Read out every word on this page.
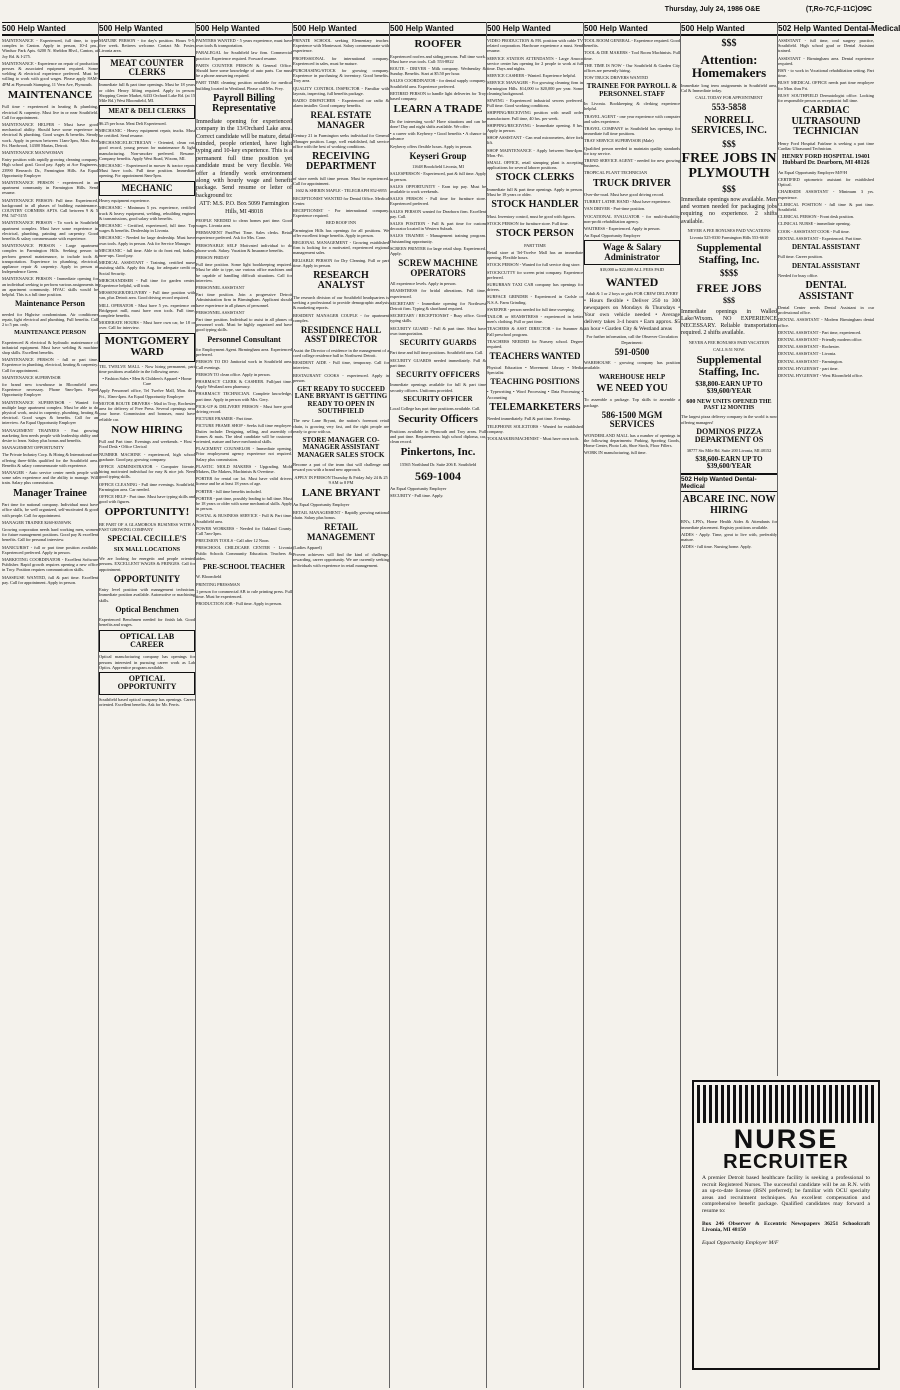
Thursday, July 24, 1986 O&E	(T,Ro-7C,F-11C)O9C
500 Help Wanted
MAINTENANCE - Experienced, full time, to type complex in Canton. Apply in person, 10-4 pm., Windsor Park Apts. 6200 N. Sheldon Blvd., Canton, at Joy Rd. & I-275.
MAINTENANCE - Experience on repair of production presses & associated equipment required. Some welding & electrical experience preferred. Must be willing to work with good wages. Please apply 8AM-4PM at Plymouth Stamping, 11 Vern Ave, Plymouth.
MAINTENANCE
Full time - experienced in heating & plumbing, electrical & carpentry. Must live in or near Southfield. Call for appointment.
MAINTENANCE HELPER - Must have good mechanical ability. Should have some experience in electrical & plumbing. Good wages & benefits. Steady work. Apply in person between 11am-3pm, Mon. thru Fri. Hardwood, 14300 Marias, Detroit.
MAINTENANCE MAN/WOMAN
Entry position with rapidly growing cleaning company. High school grad. Good pay. Apply at Ace Engineers, 23990 Research Dr., Farmington Hills. An Equal Opportunity Employer
MAINTENANCE PERSON - experienced in an apartment community in Farmington Hills. Send resume.
MAINTENANCE PERSON: Full time. Experienced, background in all phases of building maintenance. COUNTRY CORNERS APTS. Call between 9 & 5 PM. 547-5155
MAINTENANCE PERSON - To work in Southfield apartment complex. Must have some experience in electrical, plumbing, painting and carpentry. Good benefits & salary commensurate with experience.
MAINTENANCE PERSON - Large apartment complex in Farmington Hills. Seeking person to perform general maintenance, to include tools & transportation. Experience in plumbing, electrical, appliance repair & carpentry. Apply in person at Independence Green.
MAINTENANCE PERSON - Immediate opening for an individual seeking to perform various assignments in an apartment community. HVAC skills would be helpful. This is a full time position.
Maintenance Person
needed for Highrise condominium. Air conditioner repair, light electrical and plumbing. Full benefits. Call 2 to 5 pm. only.
MAINTENANCE PERSON
Experienced & electrical & hydraulic maintenance of industrial equipment. Must have welding & machine shop skills. Excellent benefits.
MAINTENANCE PERSON - full or part time. Experience in plumbing, electrical, heating & carpentry. Call for appointment.
MAINTENANCE SUPERVISOR
for brand new townhouse in Bloomfield area. Experience necessary. Phone 9am-5pm. Equal Opportunity Employer
MAINTENANCE SUPERVISOR - Wanted for multiple large apartment complex. Must be able to do physical work, assist in carpentry, plumbing, heating & electrical. Good wages & benefits. Call for an interview. An Equal Opportunity Employer
MANAGEMENT TRAINEES - Fast growing marketing firm needs people with leadership ability and desire to learn. Salary plus bonus and benefits.
MANAGEMENT OPPORTUNITY
The Private Industry Corp. & Hiring & International are offering three-fifths qualified for the Southfield area. Benefits & salary commensurate with experience.
MANAGER - Auto service center needs people with some sales experience and the ability to manage. Will train. Salary plus commission.
Manager Trainee
Part time for national company. Individual must have office skills, be well organized, self-motivated & good with people. Call for appointment.
MANAGER TRAINEE $260-$350/WK
Growing corporation needs hard working men, women for future management positions. Good pay & excellent benefits. Call for personal interview.
MANICURIST - full or part time position available. Experienced preferred. Apply in person.
MARKETING COORDINATOR - Excellent Software Publisher. Rapid growth requires opening a new office in Troy. Position requires communication skills.
MASSEUSE WANTED, full & part time. Excellent pay. Call for appointment. Apply in person.
500 Help Wanted
MATURE PERSON - for day's position. Hours 9-5, five week. Retirees welcome. Contact Mr. Foster, Livonia area.
MEAT COUNTER CLERKS
Immediate full & part time openings. Must be 18 years or older. Heavy lifting required. Apply in person: Shopping Center Market, 6433 Orchard Lake Rd. (at 15 Mile Rd.) West Bloomfield, MI.
MEAT & DELI CLERKS
$6.25 per hour. Meat Deli Experienced.
MECHANIC - Heavy equipment repair, trucks. Must be certified. Send resume.
MECHANIC/ELECTRICIAN - Oriented, clean cut, good record, young person for maintenance & light manufacturing. Non-smoker preferred. Resume. Company benefits. Apply West Road, Wixom, MI.
MECHANIC - Experienced in mower & tractor repair. Must have tools. Full time position. Immediate opening. For appointment 8am-5pm.
MECHANIC
Heavy equipment experience.
MECHANIC - Minimum 5 yrs. experience, certified truck & heavy equipment, welding, rebuilding engines & transmissions, good salary with benefits.
MECHANIC - Certified, experienced, full time. Top wages & benefits. Dealership in Livonia.
MECHANIC - Needed for large dealership. Must have own tools. Apply in person. Ask for Service Manager.
MECHANIC - full time. Able to do front end, brakes, tune-ups. Good pay.
MEDICAL ASSISTANT - Training, certified nurse assisting skills. Apply this Aug. for adequate credit or Social Security.
MERCHANDISER - Full time for garden center. Experience helpful, will train.
MESSENGER/DELIVERY - Full time position with van, plus Detroit area. Good driving record required.
MILL OPERATOR - Must have 5 yrs. experience on Bridgeport mill, must have own tools. Full time, complete benefits.
MODERATE HOURS - Must have own car, be 18 or over. Call for interview.
MONTGOMERY WARD
TEL TWELVE MALL - Now hiring permanent, part time positions available in the following areas:
• Fashion Sales • Men & Children's Apparel • Home Care
Apply Personnel office, Tel Twelve Mall, Mon. thru Fri., 10am-4pm. An Equal Opportunity Employer
MOTOR ROUTE DRIVERS - Mail in Troy, Rochester area for delivery of Free Press. Several openings near your home. Commission and bonuses, must have reliable car.
NOW HIRING
Full and Part time. Evenings and weekends. • Host • Food Desk • Office Clerical
NUMBER MACHINE - experienced, high school graduate. Good pay, growing company.
OFFICE ADMINISTRATOR - Computer literate, hiring motivated individual for easy & nice job. Need good typing skills.
OFFICE CLEANING - Full time evenings. Southfield, Farmington area. Car needed.
OFFICE HELP - Part time. Must have typing skills and good with figures.
OPPORTUNITY!
BE PART OF A GLAMOROUS BUSINESS WITH A FAST GROWING COMPANY
SPECIAL CECILLE'S
SIX MALL LOCATIONS
We are looking for energetic and people oriented persons. EXCELLENT WAGES & FRINGES. Call for appointment.
OPPORTUNITY
Entry level position with management technician. Immediate position available. Automotive or machining skills.
Optical Benchmen
Experienced Benchmen needed for finish lab. Good benefits and wages.
OPTICAL LAB CAREER
Optical manufacturing company has openings for persons interested in pursuing career work as Lab Optics. Apprentice program available.
OPTICAL OPPORTUNITY
Southfield based optical company has openings. Career oriented. Excellent benefits. Ask for Mr. Ferris.
500 Help Wanted
PAINTERS WANTED - 5 years experience, must have own tools & transportation.
PARALEGAL for Southfield law firm. Commercial practice. Experience required. Forward resume.
PARTS COUNTER PERSON & General Office. Should have some knowledge of auto parts. Car must be a phone answering required.
PART TIME cleaning position available for medical building located in Westland. Please call Mrs. Frey.
Payroll Billing Representative
Immediate opening for experienced company in the 13/Orchard Lake area. Correct candidate will be mature, detail minded, people oriented, have light typing and 10-key experience. This is a permanent full time position yet candidate must be very flexible. We offer a friendly work environment along with hourly wage and benefit package. Send resume or letter of background to:
ATT: M.S. P.O. Box 5099 Farmington Hills, MI 48018
PEOPLE NEEDED to clean homes part time. Good wages. Livonia area.
PERMANENT Part/Part Time. Sales clerks. Retail experience preferred. Ask for Mrs. Cone.
PERSONABLE SELF Motivated individual to do phone work. Salary. Vacation & Insurance benefits.
PERSON FRIDAY
Full time position. Some light bookkeeping required. Must be able to type, use various office machines and be capable of handling difficult situations. Call for interview.
PERSONNEL ASSISTANT
Part time position. Join a progressive Detroit Administration firm in Birmingham. Applicant should have experience in all phases of personnel.
PERSONNEL ASSISTANT
Part time position. Individual to assist in all phases of personnel work. Must be highly organized and have good typing skills.
Personnel Consultant
for Employment Agent. Birmingham area. Experienced preferred.
PERSON TO DO Janitorial work in Southfield area. Call evenings.
PERSON TO clean office. Apply in person.
PHARMACY CLERK & CASHIER. Full/part time. Apply Westland area pharmacy.
PHARMACY TECHNICIAN. Complete knowledge, part time. Apply in person with Mrs. Gery.
PICK-UP & DELIVERY PERSON - Must have good driving record.
PICTURE FRAMER - Part time.
PICTURE FRAME SHOP - Seeks full time employee. Duties include: Designing, selling, and assembly of frames & mats. The ideal candidate will be customer oriented, mature and have mechanical skills.
PLACEMENT COUNSELOR - Immediate opening. Prior employment agency experience not required. Salary plus commission.
PLASTIC MOLD MAKERS - Upgrading. Mold Makers, Die Makers, Machinists & Overtime.
PORTER for rental car lot. Must have valid drivers license and be at least 18 years of age.
PORTER - full time benefits included.
PORTER - part time, possibly leading to full time. Must be 18 years or older with some mechanical skills. Apply in person.
POSTAL & BUSINESS SERVICE - Full & Part time. Southfield area.
POWER WORKERS - Needed for Oakland County. Call 7am-3pm.
PRECISION TOOLS - Call after 12 Noon.
PRESCHOOL CHILDCARE CENTER - Livonia Public Schools Community Education. Teachers & aides.
PRE-SCHOOL TEACHER
W. Bloomfield
PRINTING PRESSMAN
1 person for commercial AB to rule printing press. Full time. Must be experienced.
PRODUCTION JOB - Full time. Apply in person.
500 Help Wanted
PRIVATE SCHOOL seeking Elementary teacher. Experience with Montessori. Salary commensurate with experience.
PROFESSIONAL for international company. Experienced in sales, must be mature.
PURCHASING/STOCK for growing company. Experience in purchasing & inventory. Good benefits. Troy area.
QUALITY CONTROL INSPECTOR - Familiar with layouts, inspecting, full benefits package.
RADIO DISPATCHER - Experienced car radio & alarm installer. Good company benefits.
REAL ESTATE MANAGER
Century 21 in Farmington seeks individual for General Manager position. Large, well established, full service office with the best of working conditions.
RECEIVING DEPARTMENT
of store needs full time person. Must be experienced. Call for appointment.
1602 & SHERIN MAPLE - TELEGRAPH 852-6955
RECEPTIONIST WANTED for Dental Office. Medical Center.
RECEPTIONIST - For international company. Experience required.
RED ROOF INN
Farmington Hills has openings for all positions. We offer excellent fringe benefits. Apply in person.
REGIONAL MANAGEMENT - Growing established firm is looking for a motivated, experienced regional management sales.
RELIABLE PERSON for Dry Cleaning. Full or part time. Apply in person.
RESEARCH ANALYST
The research division of our Southfield headquarters is seeking a professional to provide demographic analysis & marketing reports.
RESIDENT MANAGER COUPLE - for apartment complex.
RESIDENCE HALL ASST DIRECTOR
Assist the Director of residence in the management of a coed college residence hall in Northwest Detroit.
RESIDENT AIDE - Full time, temporary. Call for interview.
RESTAURANT COOKS - experienced. Apply in person.
GET READY TO SUCCEED LANE BRYANT IS GETTING READY TO OPEN IN SOUTHFIELD
The new Lane Bryant, the nation's foremost retail chain, is growing very fast, and the right people are ready to grow with us.
STORE MANAGER CO-MANAGER ASSISTANT MANAGER SALES STOCK
Become a part of the team that will challenge and reward you with a brand new approach.
APPLY IN PERSON Thursday & Friday July 24 & 25 9 AM to 8 PM
LANE BRYANT
An Equal Opportunity Employer
RETAIL MANAGEMENT - Rapidly growing national chain. Salary plus bonus.
RETAIL MANAGEMENT
(Ladies Apparel)
Proven achievers will find the kind of challenge, rewarding, career opportunity. We are currently seeking individuals with experience in retail management.
500 Help Wanted
ROOFER
Experienced roofers and siding persons. Full time work. Must have own tools. Call: 553-8822
ROUTE - DRIVER - Milk company. Wednesday & Sunday. Benefits. Start at $5.50 per hour.
SALES COORDINATOR - for dental supply company. Southfield area. Experience preferred.
RETIRED PERSON to handle light deliveries for Troy based company.
LEARN A TRADE
Do the interesting work? Have situations and can be done! Day and night shifts available. We offer:
• a career with Keyberry • Good benefits • A chance to advance
Keyberry offers flexible hours. Apply in person.
Keyseri Group
11648 Brookfield Livonia, MI
SALESPERSON - Experienced, part & full time. Apply in person.
SALES OPPORTUNITY - Earn top pay. Must be available to work weekends.
SALES PERSON - Full time for furniture store. Experienced preferred.
SALES PERSON wanted for Dearborn firm. Excellent pay. Call.
SALES POSITION - Full & part time for custom decorator located in Western Suburb.
SALES TRAINEE - Management training program. Outstanding opportunity.
SCREEN PRINTER for large retail shop. Experienced. Apply.
SCREW MACHINE OPERATORS
All experience levels. Apply in person.
SEAMSTRESS for bridal alterations. Full time, experienced.
SECRETARY - Immediate opening for Northwest Detroit firm. Typing & shorthand required.
SECRETARY / RECEPTIONIST - Busy office. Good typing skills.
SECURITY GUARD - Full & part time. Must have own transportation.
SECURITY GUARDS
Part time and full time positions. Southfield area. Call.
SECURITY GUARDS needed immediately. Full & part time.
SECURITY OFFICERS
Immediate openings available for full & part time security officers. Uniforms provided.
SECURITY OFFICER
Local College has part time positions available. Call.
Security Officers
Positions available in Plymouth and Troy areas. Full and part time. Requirements: high school diploma, car, clean record.
Pinkertons, Inc.
15565 Northland Dr. Suite 206 E. Southfield
569-1004
An Equal Opportunity Employer
SECURITY - Full time. Apply.
500 Help Wanted
VIDEO PRODUCTION & P.R. position with cable TV related corporation. Hardware experience a must. Send resume.
SERVICE STATION ATTENDANTS - Large Amoco service center has opening for 2 people to work at full time. Days and nights.
SERVICE CASHIER - Wanted. Experience helpful.
SERVICE MANAGER - For growing cleaning firm in Farmington Hills. $14,000 to $20,000 per year. Some cleaning background.
SEWING - Experienced industrial sewers preferred. Full time. Good working conditions.
SHIPPING/RECEIVING position with small order manufacturer. Full time, 40 hrs. per week.
SHIPPING/RECEIVING - Immediate opening. 8 hrs. Apply in person.
SHOP ASSISTANT - Can read micrometers, drive fork lift.
SHOP MAINTENANCE - Apply between 9am-4pm. Mon.-Fri.
SMALL OFFICE, retail stamping plant is accepting applications for several laborer positions.
STOCK CLERKS
Immediate full & part time openings. Apply in person. Must be 18 years or older.
STOCK HANDLER
Must. Inventory control, must be good with figures.
STOCK PERSON for furniture store. Full time.
STOCK PERSON
PART TIME
Retail store at Tel-Twelve Mall has an immediate opening. Flexible hours.
STOCK PERSON - Wanted for full service drug store.
STOCKCUTTY for screen print company. Experience preferred.
SUBURBAN TAXI CAB company has openings for drivers.
SURFACE GRINDER - Experienced in Carlsle or N.S.A. Farm Grinding.
SWEEPER - person needed for full time sweeping.
TAILOR or SEAMSTRESS - experienced in better men's clothing. Full or part time.
TEACHERS & ASST DIRECTOR - for Summer & Fall preschool program.
TEACHERS NEEDED for Nursery school. Degree required.
TEACHERS WANTED
Physical Education • Movement Library • Media Specialist
TEACHING POSITIONS
• Typewriting • Word Processing • Data Processing • Accounting
TELEMARKETERS
Needed immediately. Full & part time. Evenings.
TELEPHONE SOLICITORS - Wanted for established company.
TOOLMAKER/MACHINIST - Must have own tools.
500 Help Wanted
TOOL ROOM GENERAL - Experience required. Good benefits.
TOOL & DIE MAKERS - Tool Room Machinists. Full time.
THE TIME IS NOW - Our Southfield & Garden City offices are presently hiring.
TOW TRUCK DRIVERS WANTED
TRAINEE FOR PAYROLL & PERSONNEL STAFF
In Livonia. Bookkeeping & clerking experience helpful.
TRAVEL AGENT - one year experience with computer and sales experience.
TRAVEL COMPANY in Southfield has openings for immediate full time positions.
TRAY SERVICE SUPERVISOR (Male)
Qualified person needed to maintain quality standards for tray service.
TREND SERVICE AGENT - needed for new growing business.
TROPICAL PLANT TECHNICIAN
TRUCK DRIVER
Over-the-road. Must have good driving record.
TURRET LATHE HAND - Must have experience.
VAN DRIVER - Part-time position.
VOCATIONAL EVALUATOR - for multi-disability non-profit rehabilitation agency.
WAITRESS - Experienced. Apply in person.
An Equal Opportunity Employer
Wage & Salary Administrator
$18,000 to $22,000 ALL FEES PAID
WANTED
Adult & 1 or 2 boys or girls FOR CREW DELIVERY
• Hours flexible • Deliver 250 to 300 newspapers on Mondays & Thursdays • Your own vehicle needed • Average delivery takes 3-4 hours • Earn approx. $5 an hour • Garden City & Westland areas
For further information, call the Observer Circulation Department:
591-0500
WAREHOUSE - growing company has position available.
WAREHOUSE HELP
WE NEED YOU
To assemble a package. Top skills to assemble a package.
586-1500 MGM SERVICES
WONDERLAND MALL has a number of openings in the following departments: Parking, Sporting Goods, Home Center, Photo Lab, Shoe Stock, Floor Fillers.
WORK IN manufacturing, full time.
500 Help Wanted
$$$
Attention: Homemakers
Immediate long term assignments in Southfield area, Cal & Immediate today.
CALL TODAY FOR APPOINTMENT
553-5858
NORRELL SERVICES, INC.
$$$
FREE JOBS IN PLYMOUTH
$$$
Immediate openings now available. Men and women needed for packaging jobs requiring no experience. 2 shifts available.
NEVER A FEE BONUSES PAID VACATIONS
Livonia 525-0330 Farmington Hills 553-6610
Supplemental Staffing, Inc.
$$$$
FREE JOBS
$$$
Immediate openings in Walled Lake/Wixom. NO EXPERIENCE NECESSARY. Reliable transportation required. 2 shifts available.
NEVER A FEE BONUSES PAID VACATION
CALL 8:51 NOW.
Supplemental Staffing, Inc.
$38,800-EARN UP TO $39,600/YEAR
600 NEW UNITS OPENED THE PAST 12 MONTHS
The largest pizza delivery company in the world is now offering managers!
DOMINOS PIZZA DEPARTMENT OS
38777 Six Mile Rd. Suite 200 Livonia, MI 48152
$38,600-EARN UP TO $39,600/YEAR
502 Help Wanted Dental-Medical
ABCARE INC. NOW HIRING
RN's, LPN's, Home Health Aides & Attendants for immediate placement. Registry positions available.
AIDES - Apply. Time, great to live with, preferably mature.
AIDES - full time. Nursing home. Apply.
502 Help Wanted Dental-Medical
ASSISTANT - full time, oral surgery practice, Southfield. High school grad or Dental Assistant trained.
ASSISTANT - Birmingham area. Dental experience required.
BSN - to work in Vocational rehabilitation setting. Part time.
BUSY MEDICAL OFFICE needs part time employee for Mon. thru Fri.
BUSY SOUTHFIELD Dermatologist office. Looking for responsible person as receptionist full time.
CARDIAC ULTRASOUND TECHNICIAN
Henry Ford Hospital Fairlane is seeking a part time Cardiac Ultrasound Technician.
HENRY FORD HOSPITAL 19401 Hubbard Dr. Dearborn, MI 48126
An Equal Opportunity Employer M/F/H
CERTIFIED optometric assistant for established Optical.
CHAIRSIDE ASSISTANT - Minimum 3 yrs. experience.
CLERICAL POSITION - full time & part time. Southfield.
CLERICAL PERSON - Front desk position.
CLINICAL NURSE - immediate opening.
COOK - ASSISTANT COOK - Full time.
DENTAL ASSISTANT - Experienced. Part time.
DENTAL ASSISTANT
Full time. Career position.
DENTAL ASSISTANT
Needed for busy office.
DENTAL ASSISTANT
Dental Center needs Dental Assistant in our professional office.
DENTAL ASSISTANT - Modern Birmingham dental office.
DENTAL ASSISTANT - Part time, experienced.
DENTAL ASSISTANT - Friendly modern office.
DENTAL ASSISTANT - Rochester.
DENTAL ASSISTANT - Livonia.
DENTAL ASSISTANT - Farmington.
DENTAL HYGIENIST - part time.
DENTAL HYGIENIST - West Bloomfield office.
NURSE
RECRUITER
A premier Detroit based healthcare facility is seeking a professional to recruit Registered Nurses. The successful candidate will be an R.N. with an up-to-date license (BSN preferred); be familiar with OCU specialty areas and recruitment techniques. An excellent compensation and comprehensive benefit package. Qualified candidates may forward a resume to:
Box 246 Observer & Eccentric Newspapers 36251 Schoolcraft Livonia, MI 48150
Equal Opportunity Employer M/F
